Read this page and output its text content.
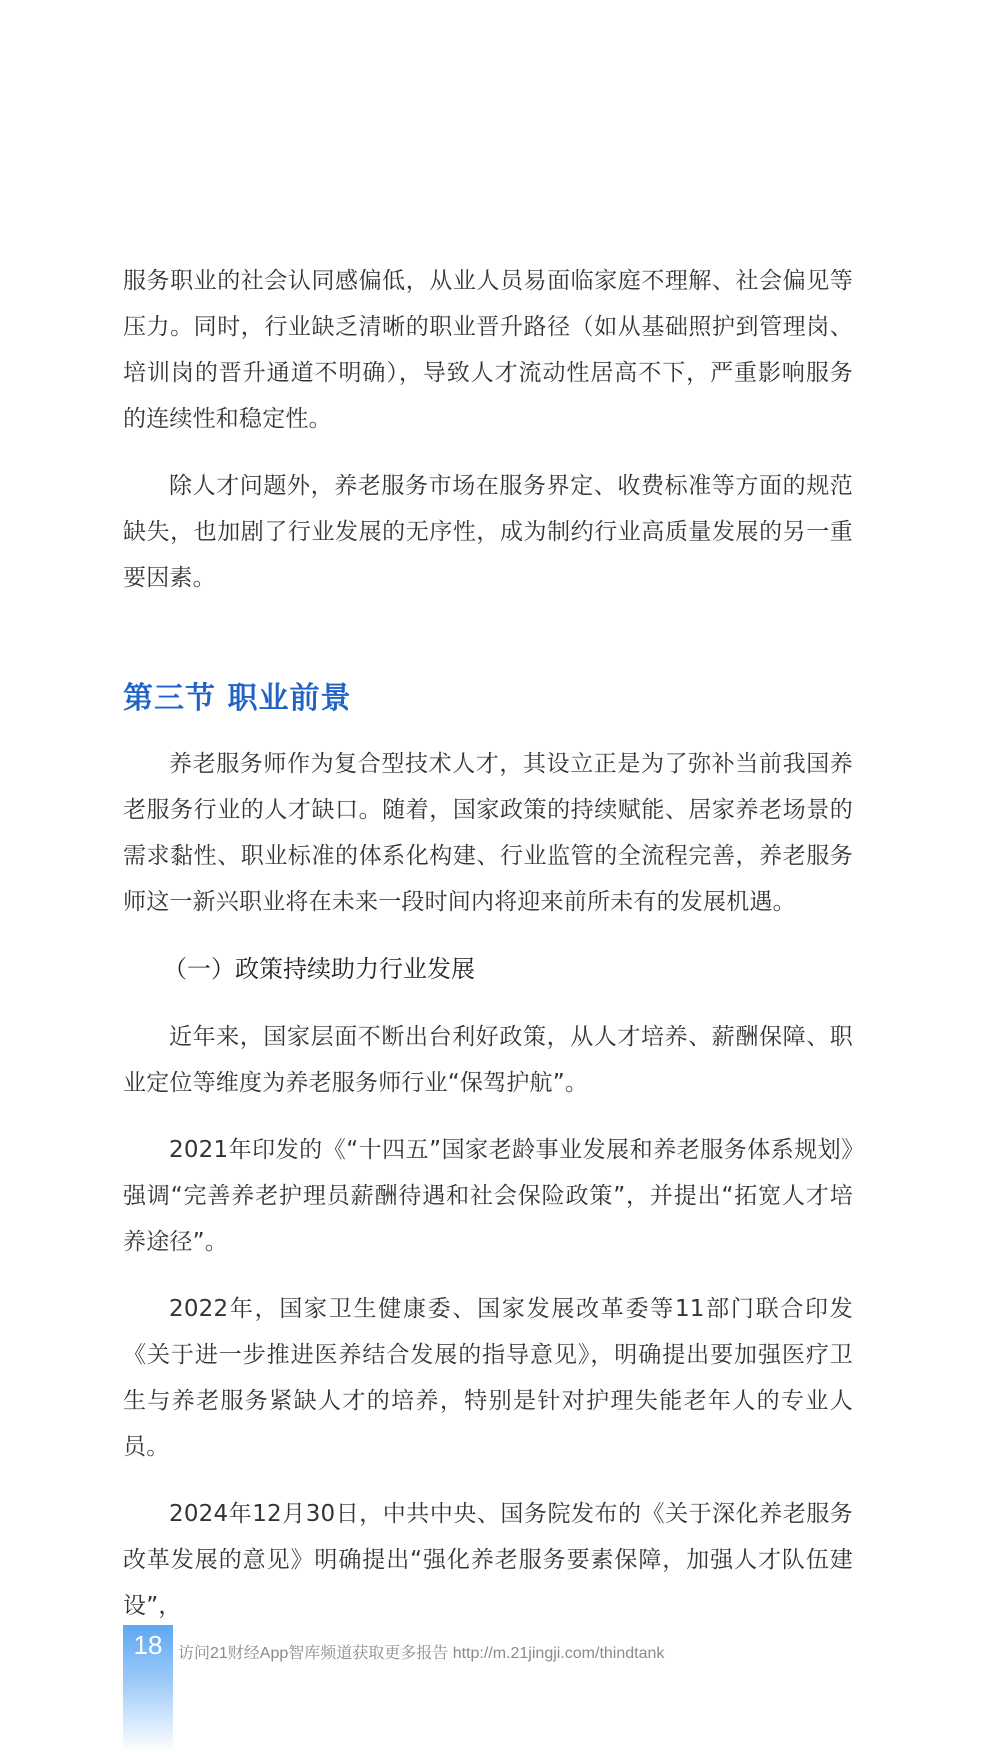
服务职业的社会认同感偏低，从业人员易面临家庭不理解、社会偏见等压力。同时，行业缺乏清晰的职业晋升路径（如从基础照护到管理岗、培训岗的晋升通道不明确），导致人才流动性居高不下，严重影响服务的连续性和稳定性。

除人才问题外，养老服务市场在服务界定、收费标准等方面的规范缺失，也加剧了行业发展的无序性，成为制约行业高质量发展的另一重要因素。

第三节 职业前景

养老服务师作为复合型技术人才，其设立正是为了弥补当前我国养老服务行业的人才缺口。随着，国家政策的持续赋能、居家养老场景的需求黏性、职业标准的体系化构建、行业监管的全流程完善，养老服务师这一新兴职业将在未来一段时间内将迎来前所未有的发展机遇。

（一）政策持续助力行业发展

近年来，国家层面不断出台利好政策，从人才培养、薪酬保障、职业定位等维度为养老服务师行业“保驾护航”。

2021年印发的《“十四五”国家老龄事业发展和养老服务体系规划》强调“完善养老护理员薪酬待遇和社会保险政策”，并提出“拓宽人才培养途径”。

2022年，国家卫生健康委、国家发展改革委等11部门联合印发《关于进一步推进医养结合发展的指导意见》，明确提出要加强医疗卫生与养老服务紧缺人才的培养，特别是针对护理失能老年人的专业人员。

2024年12月30日，中共中央、国务院发布的《关于深化养老服务改革发展的意见》明确提出“强化养老服务要素保障，加强人才队伍建设”，

18 访问21财经App智库频道获取更多报告 http://m.21jingji.com/thindtank
